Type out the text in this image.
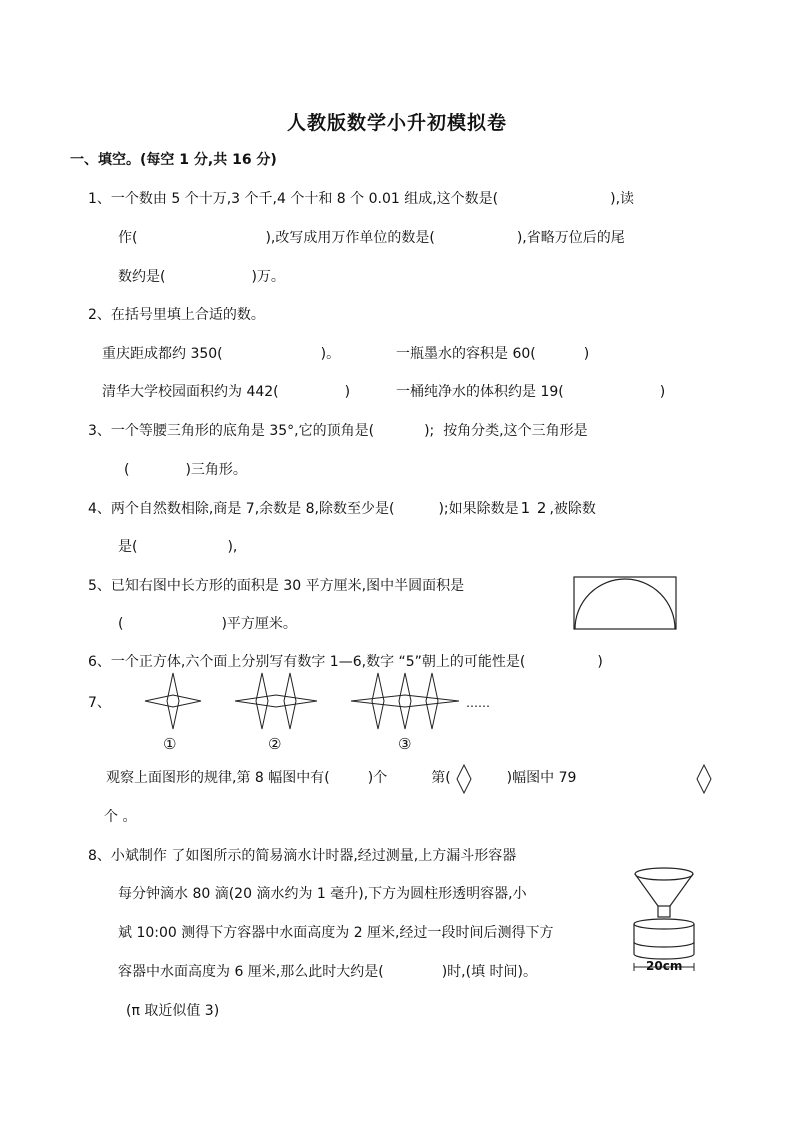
人教版数学小升初模拟卷
一、填空。(每空 1 分,共 16 分)
1、一个数由 5 个十万,3 个千,4 个十和 8 个 0.01 组成,这个数是(	),读
作(	),改写成用万作单位的数是(	),省略万位后的尾
数约是(	)万。
2、在括号里填上合适的数。
重庆距成都约 350(	)。	一瓶墨水的容积是 60(	)
清华大学校园面积约为 442(	)	一桶纯净水的体积约是 19(	)
3、一个等腰三角形的底角是 35°,它的顶角是(	); 按角分类,这个三角形是
(	)三角形。
4、两个自然数相除,商是 7,余数是 8,除数至少是(	);如果除数是 1 2 ,被除数
是(	),
5、已知右图中长方形的面积是 30 平方厘米,图中半圆面积是
(	)平方厘米。
6、一个正方体,六个面上分别写有数字 1—6,数字 “5”朝上的可能性是(	)
7、	……
①	②	③
观察上面图形的规律,第 8 幅图中有(	)个	第(	)幅图中 79
个 。
8、小斌制作 了如图所示的简易滴水计时器,经过测量,上方漏斗形容器
每分钟滴水 80 滴(20 滴水约为 1 毫升),下方为圆柱形透明容器,小
斌 10:00 测得下方容器中水面高度为 2 厘米,经过一段时间后测得下方
容器中水面高度为 6 厘米,那么此时大约是(	)时,(填 时间)。
(π 取近似值 3)
20cm
